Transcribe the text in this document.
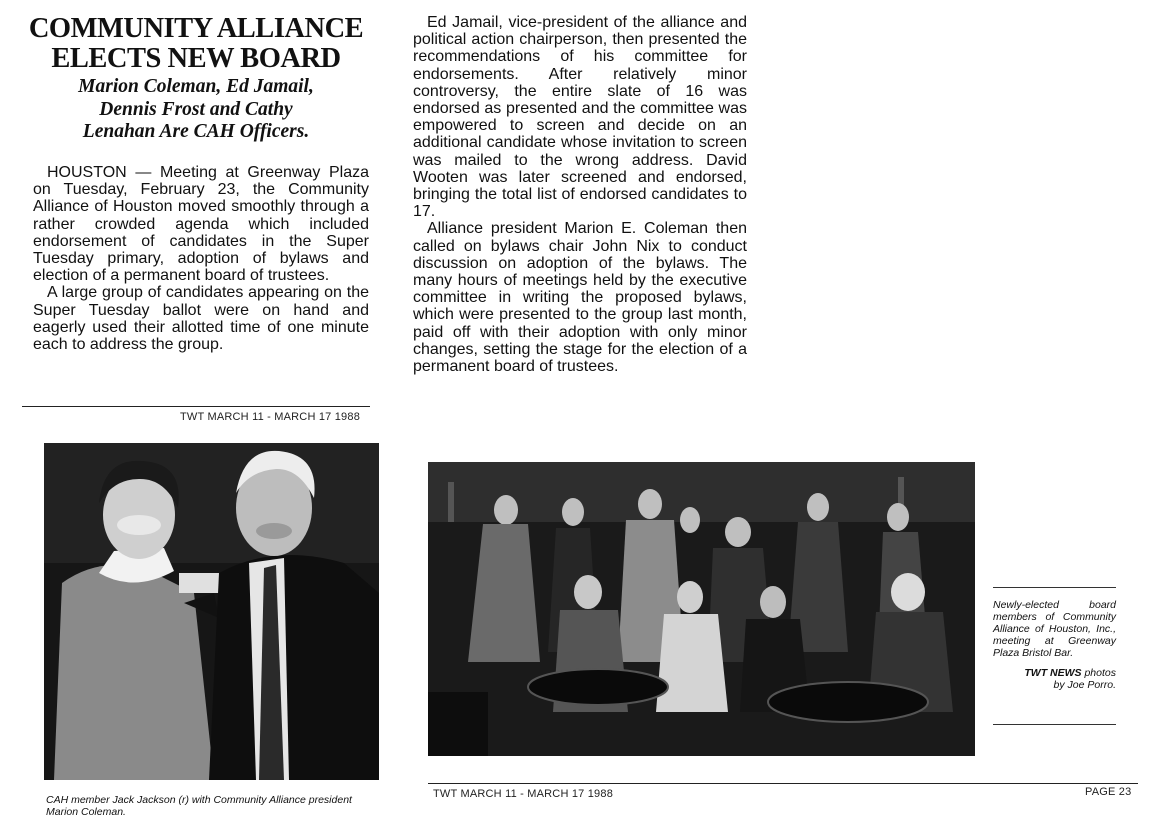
COMMUNITY ALLIANCE
ELECTS NEW BOARD
Marion Coleman, Ed Jamail,
Dennis Frost and Cathy
Lenahan Are CAH Officers.

HOUSTON — Meeting at Greenway Plaza on Tuesday, February 23, the Community Alliance of Houston moved smoothly through a rather crowded agenda which included endorsement of candidates in the Super Tuesday primary, adoption of bylaws and election of a permanent board of trustees.

A large group of candidates appearing on the Super Tuesday ballot were on hand and eagerly used their allotted time of one minute each to address the group.

TWT MARCH 11 - MARCH 17 1988

Ed Jamail, vice-president of the alliance and political action chairperson, then presented the recommendations of his committee for endorsements. After relatively minor controversy, the entire slate of 16 was endorsed as presented and the committee was empowered to screen and decide on an additional candidate whose invitation to screen was mailed to the wrong address. David Wooten was later screened and endorsed, bringing the total list of endorsed candidates to 17.

Alliance president Marion E. Coleman then called on bylaws chair John Nix to conduct discussion on adoption of the bylaws. The many hours of meetings held by the executive committee in writing the proposed bylaws, which were presented to the group last month, paid off with their adoption with only minor changes, setting the stage for the election of a permanent board of trustees.

CAH member Jack Jackson (r) with Community Alliance president Marion Coleman.
Newly-elected board members of Community Alliance of Houston, Inc., meeting at Greenway Plaza Bristol Bar.
TWT NEWS photos
by Joe Porro.
TWT MARCH 11 - MARCH 17 1988	PAGE 23
